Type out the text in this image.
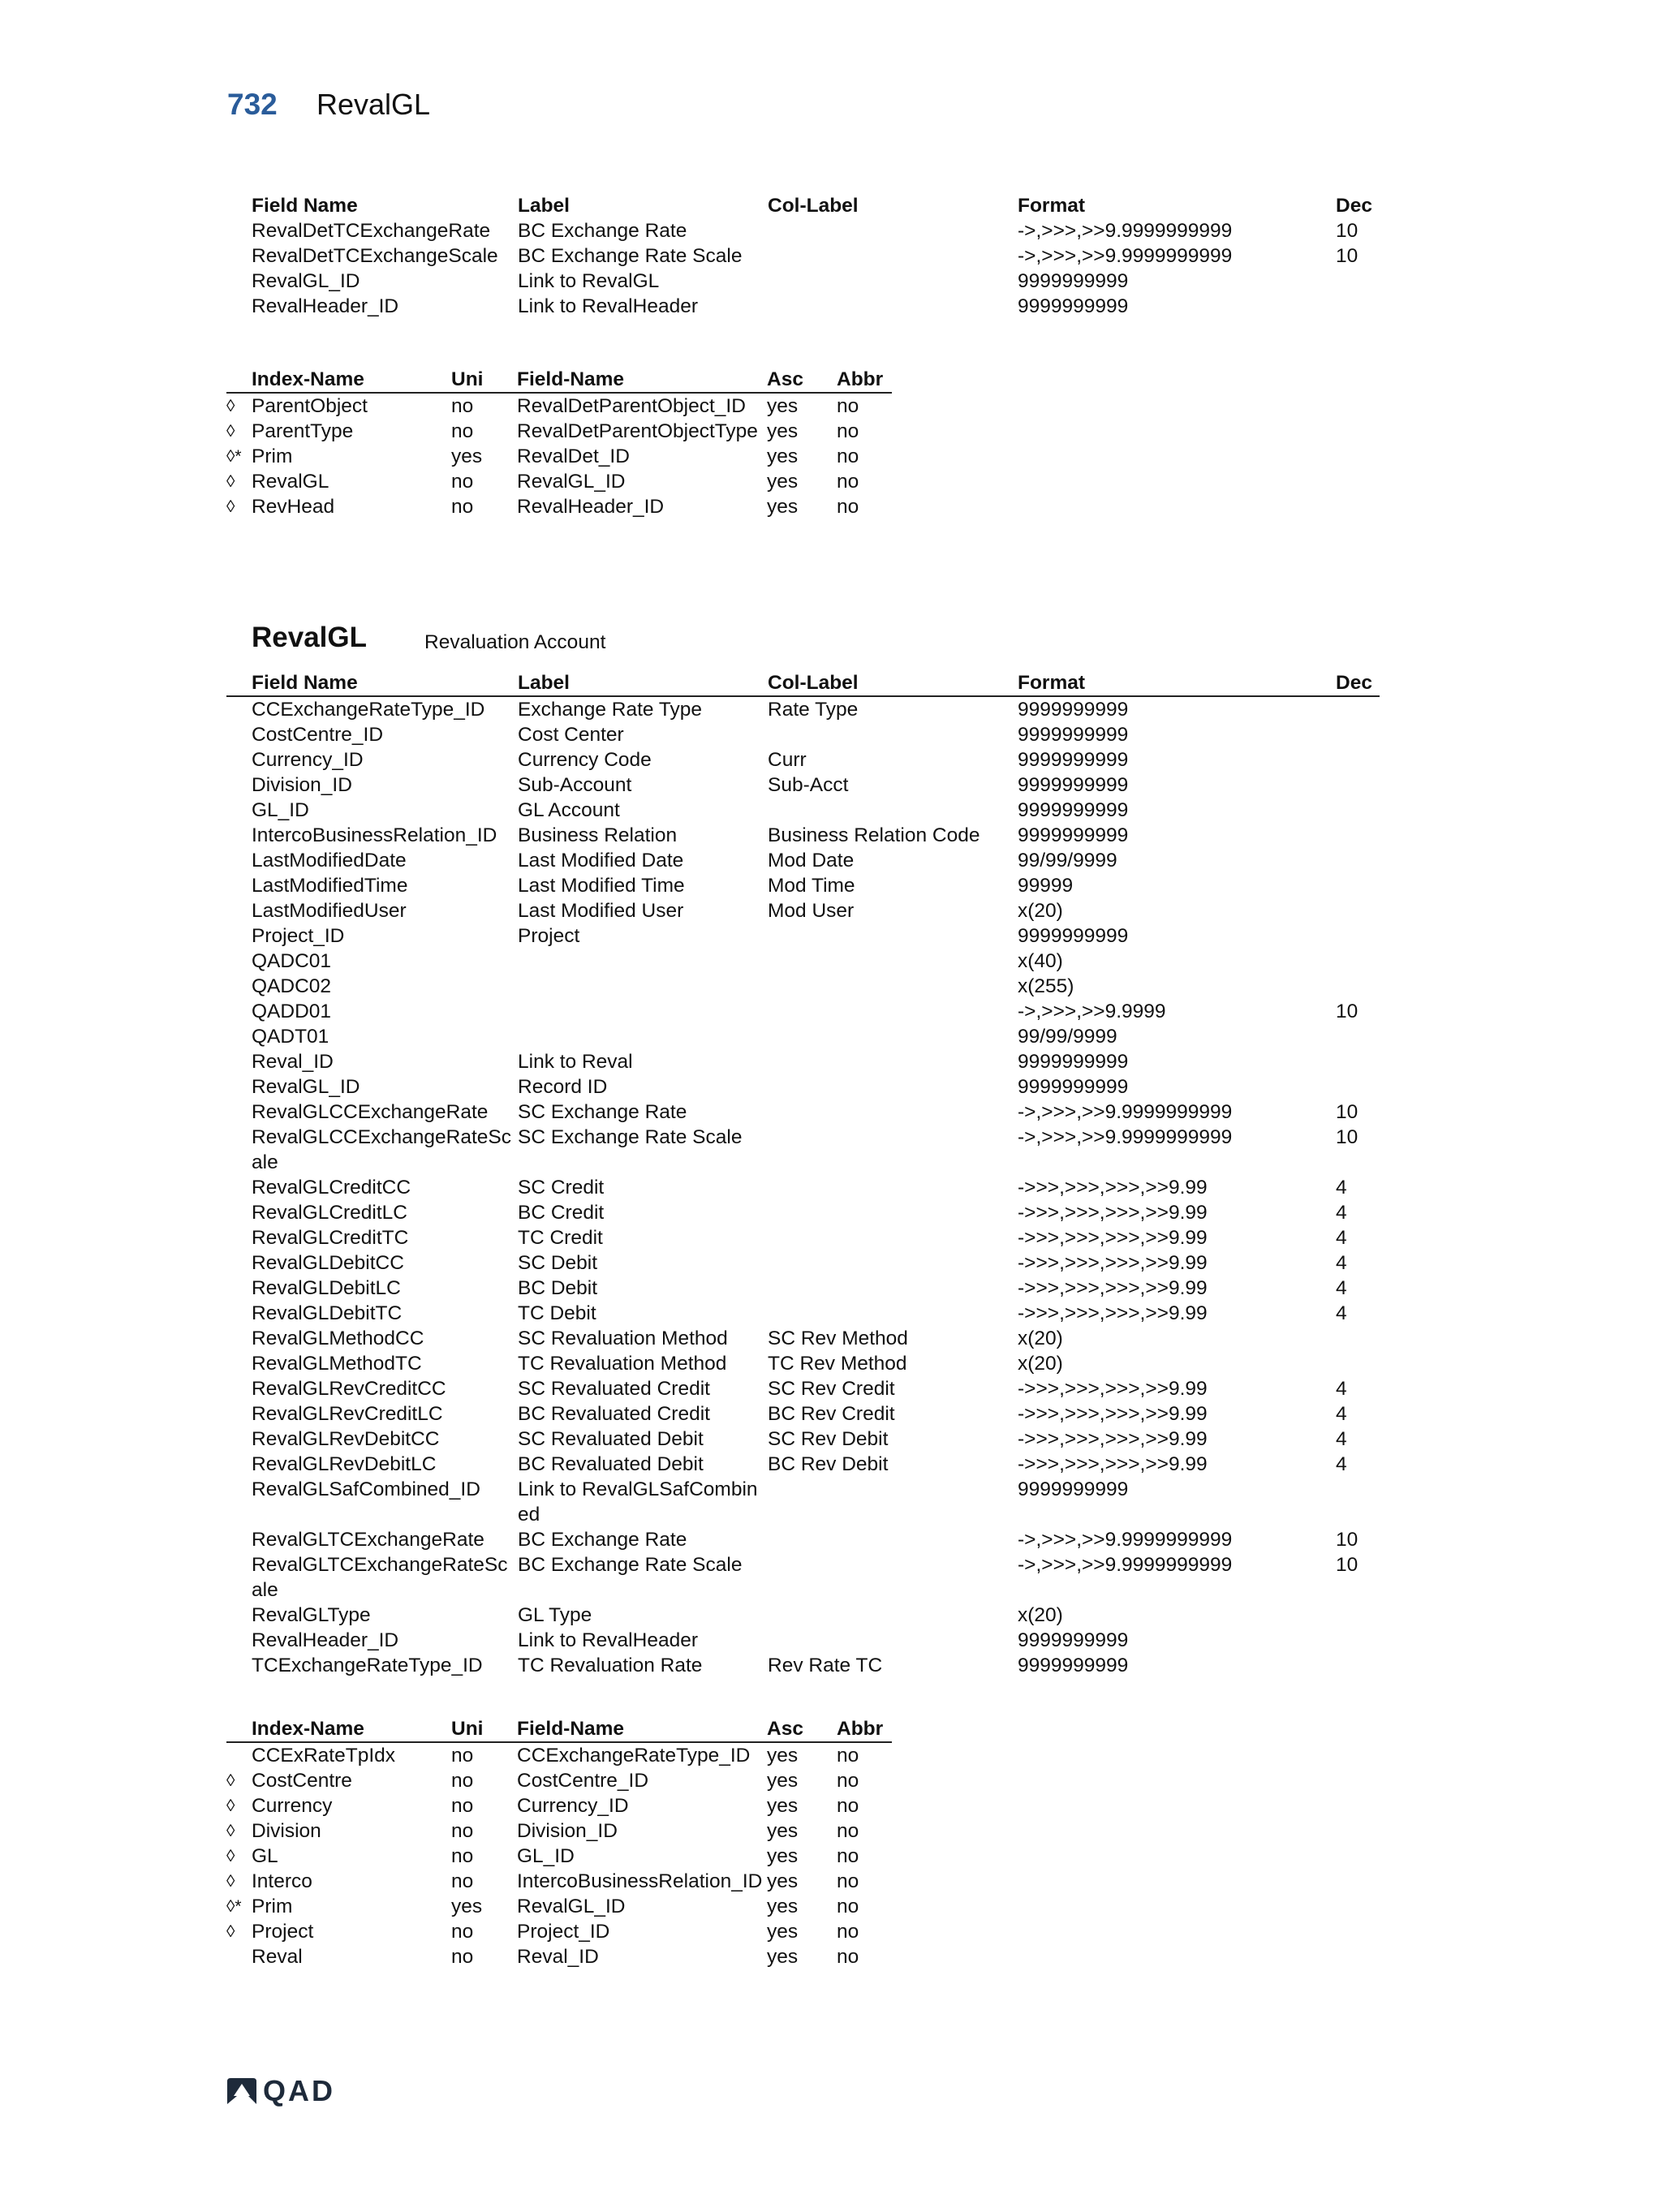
732 RevalGL
Field Name	Label	Col-Label	Format	Dec
RevalDetTCExchangeRate	BC Exchange Rate		->,>>>,>>9.9999999999	10
RevalDetTCExchangeScale	BC Exchange Rate Scale		->,>>>,>>9.9999999999	10
RevalGL_ID	Link to RevalGL		9999999999	
RevalHeader_ID	Link to RevalHeader		9999999999	
	Index-Name	Uni	Field-Name	Asc	Abbr
◊	ParentObject	no	RevalDetParentObject_ID	yes	no
◊	ParentType	no	RevalDetParentObjectType	yes	no
◊*	Prim	yes	RevalDet_ID	yes	no
◊	RevalGL	no	RevalGL_ID	yes	no
◊	RevHead	no	RevalHeader_ID	yes	no
RevalGL	Revaluation Account
	Field Name	Label	Col-Label	Format	Dec
	CCExchangeRateType_ID	Exchange Rate Type	Rate Type	9999999999	
	CostCentre_ID	Cost Center		9999999999	
	Currency_ID	Currency Code	Curr	9999999999	
	Division_ID	Sub-Account	Sub-Acct	9999999999	
	GL_ID	GL Account		9999999999	
	IntercoBusinessRelation_ID	Business Relation	Business Relation Code	9999999999	
	LastModifiedDate	Last Modified Date	Mod Date	99/99/9999	
	LastModifiedTime	Last Modified Time	Mod Time	99999	
	LastModifiedUser	Last Modified User	Mod User	x(20)	
	Project_ID	Project		9999999999	
	QADC01			x(40)	
	QADC02			x(255)	
	QADD01			->,>>>,>>9.9999	10
	QADT01			99/99/9999	
	Reval_ID	Link to Reval		9999999999	
	RevalGL_ID	Record ID		9999999999	
	RevalGLCCExchangeRate	SC Exchange Rate		->,>>>,>>9.9999999999	10
	RevalGLCCExchangeRateScale	SC Exchange Rate Scale		->,>>>,>>9.9999999999	10
	RevalGLCreditCC	SC Credit		->>>,>>>,>>>,>>9.99	4
	RevalGLCreditLC	BC Credit		->>>,>>>,>>>,>>9.99	4
	RevalGLCreditTC	TC Credit		->>>,>>>,>>>,>>9.99	4
	RevalGLDebitCC	SC Debit		->>>,>>>,>>>,>>9.99	4
	RevalGLDebitLC	BC Debit		->>>,>>>,>>>,>>9.99	4
	RevalGLDebitTC	TC Debit		->>>,>>>,>>>,>>9.99	4
	RevalGLMethodCC	SC Revaluation Method	SC Rev Method	x(20)	
	RevalGLMethodTC	TC Revaluation Method	TC Rev Method	x(20)	
	RevalGLRevCreditCC	SC Revaluated Credit	SC Rev Credit	->>>,>>>,>>>,>>9.99	4
	RevalGLRevCreditLC	BC Revaluated Credit	BC Rev Credit	->>>,>>>,>>>,>>9.99	4
	RevalGLRevDebitCC	SC Revaluated Debit	SC Rev Debit	->>>,>>>,>>>,>>9.99	4
	RevalGLRevDebitLC	BC Revaluated Debit	BC Rev Debit	->>>,>>>,>>>,>>9.99	4
	RevalGLSafCombined_ID	Link to RevalGLSafCombined		9999999999	
	RevalGLTCExchangeRate	BC Exchange Rate		->,>>>,>>9.9999999999	10
	RevalGLTCExchangeRateScale	BC Exchange Rate Scale		->,>>>,>>9.9999999999	10
	RevalGLType	GL Type		x(20)	
	RevalHeader_ID	Link to RevalHeader		9999999999	
	TCExchangeRateType_ID	TC Revaluation Rate	Rev Rate TC	9999999999	
	Index-Name	Uni	Field-Name	Asc	Abbr
	CCExRateTpIdx	no	CCExchangeRateType_ID	yes	no
◊	CostCentre	no	CostCentre_ID	yes	no
◊	Currency	no	Currency_ID	yes	no
◊	Division	no	Division_ID	yes	no
◊	GL	no	GL_ID	yes	no
◊	Interco	no	IntercoBusinessRelation_ID	yes	no
◊*	Prim	yes	RevalGL_ID	yes	no
◊	Project	no	Project_ID	yes	no
	Reval	no	Reval_ID	yes	no
QAD
